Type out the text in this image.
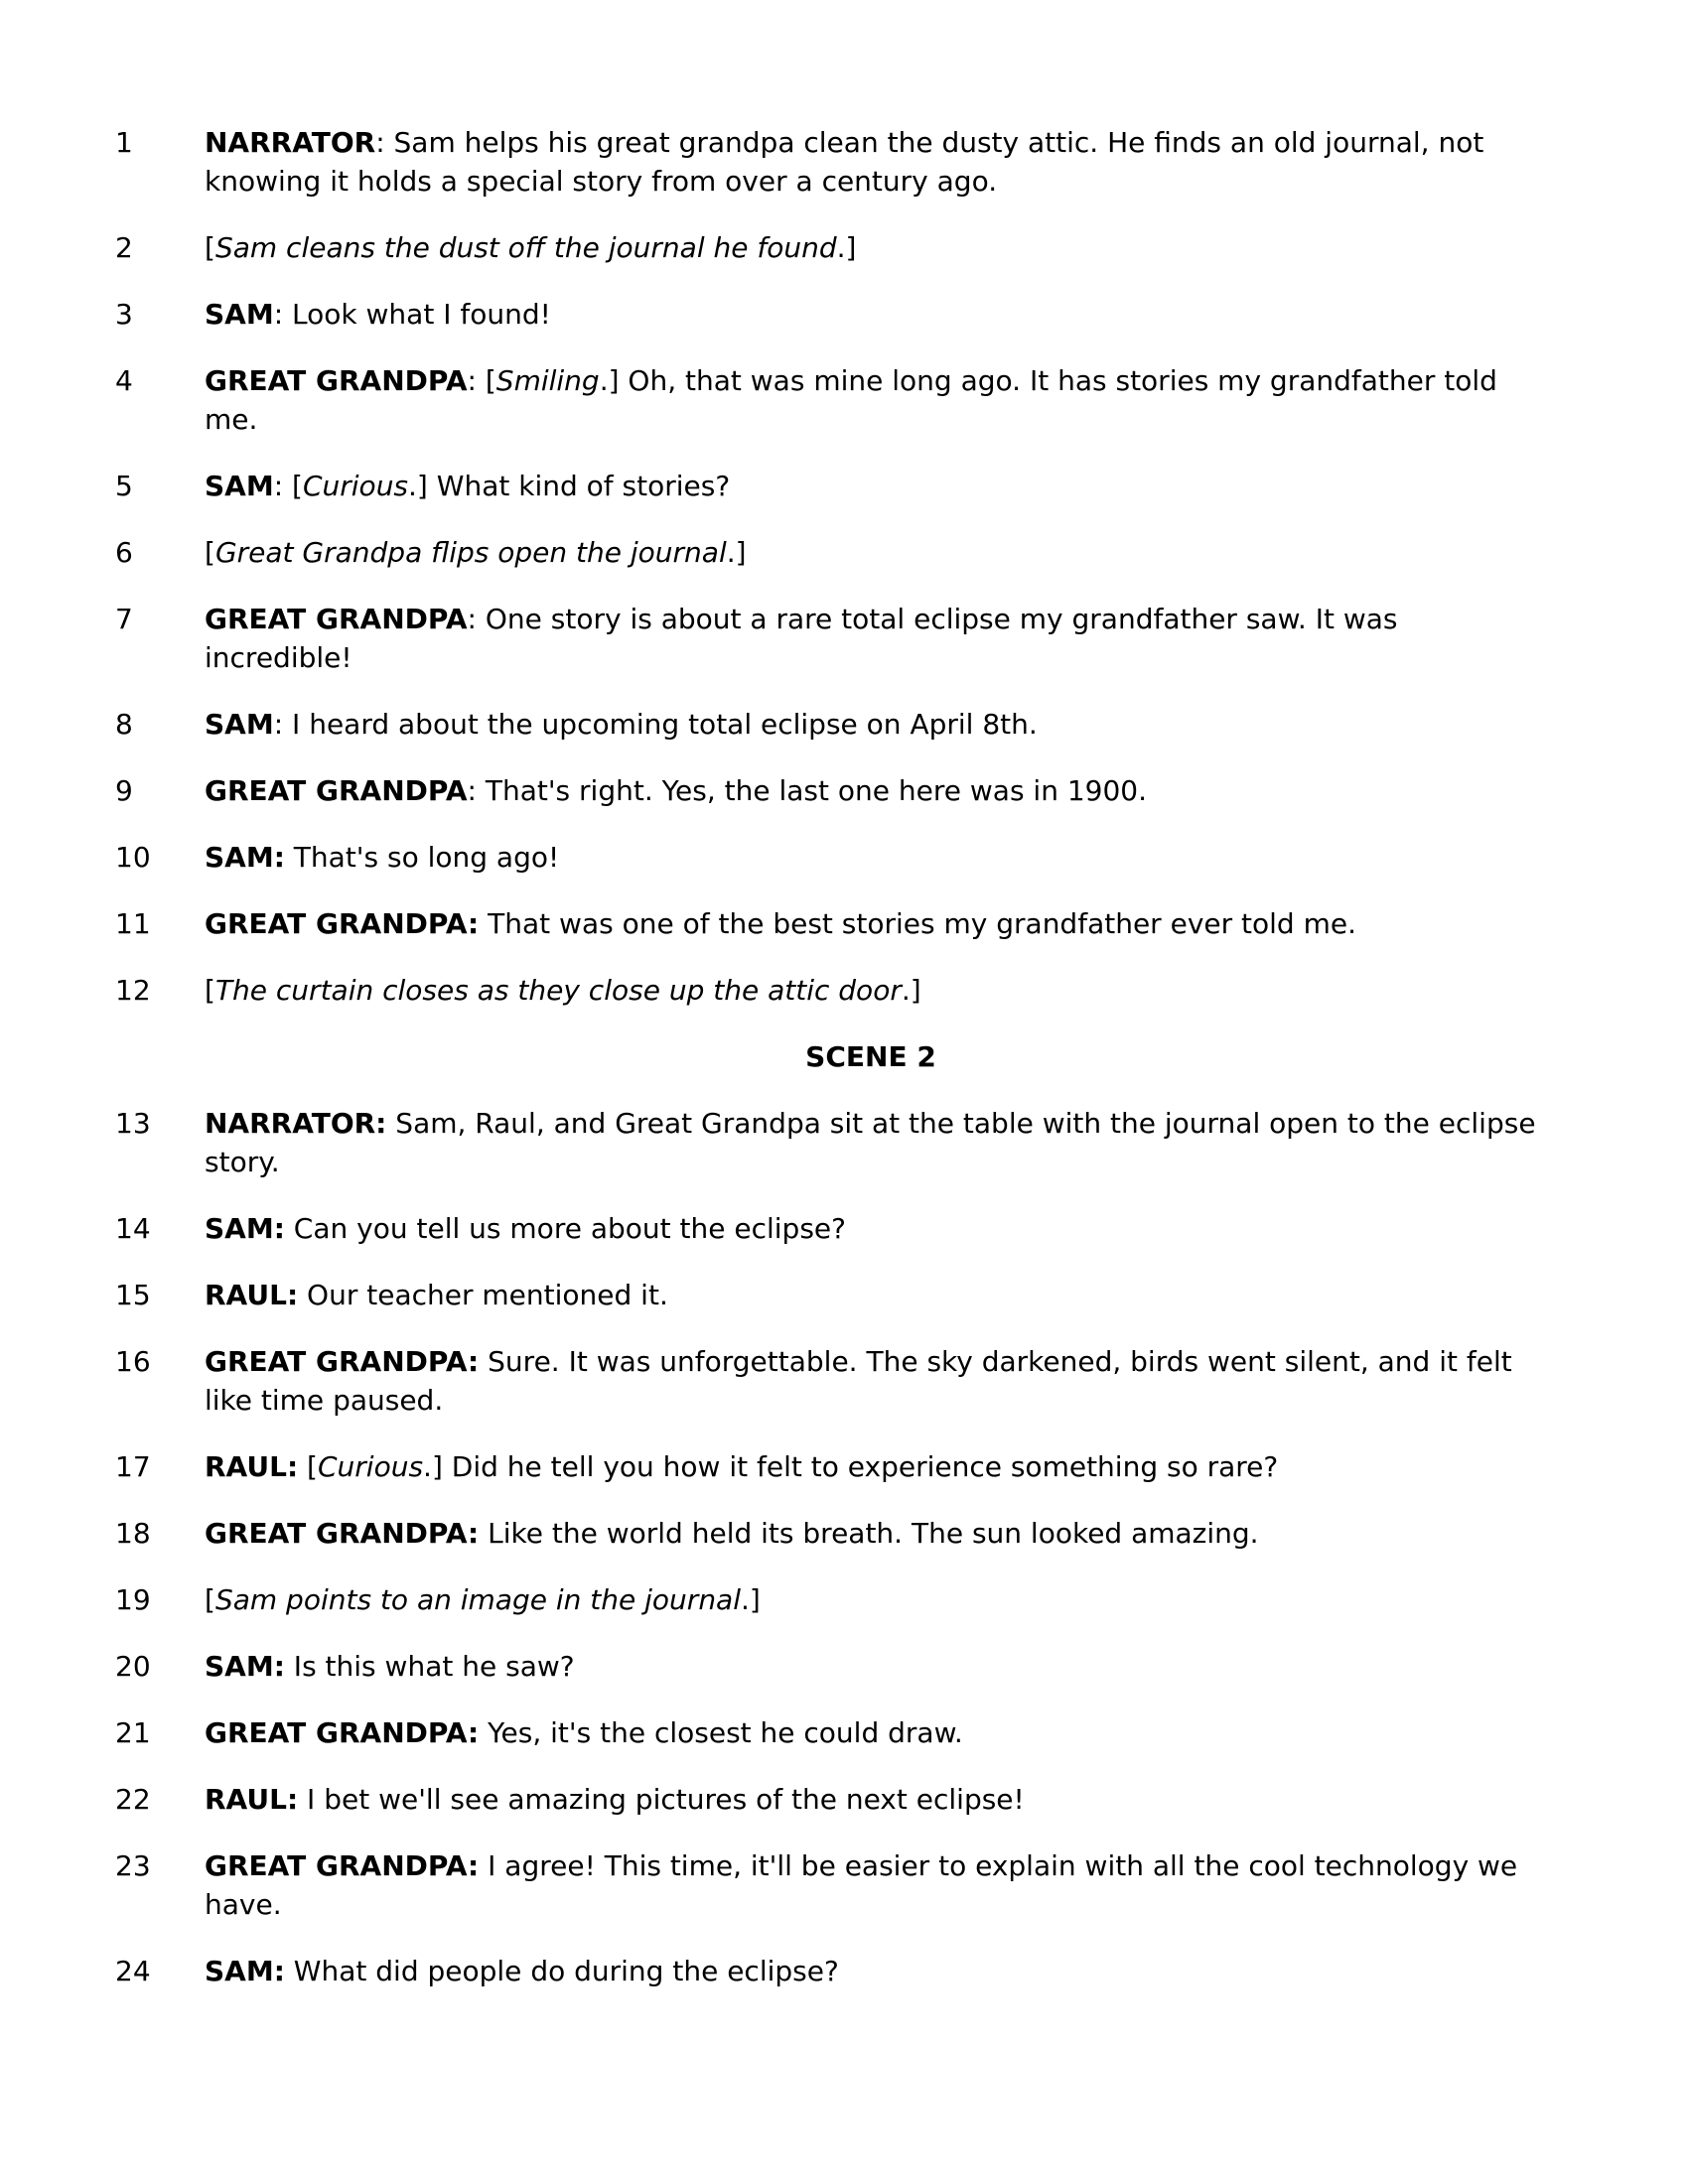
1	NARRATOR: Sam helps his great grandpa clean the dusty attic. He finds an old journal, not knowing it holds a special story from over a century ago.
2	[Sam cleans the dust off the journal he found.]
3	SAM: Look what I found!
4	GREAT GRANDPA: [Smiling.] Oh, that was mine long ago. It has stories my grandfather told me.
5	SAM: [Curious.] What kind of stories?
6	[Great Grandpa flips open the journal.]
7	GREAT GRANDPA: One story is about a rare total eclipse my grandfather saw. It was incredible!
8	SAM: I heard about the upcoming total eclipse on April 8th.
9	GREAT GRANDPA: That's right. Yes, the last one here was in 1900.
10	SAM: That's so long ago!
11	GREAT GRANDPA: That was one of the best stories my grandfather ever told me.
12	[The curtain closes as they close up the attic door.]
SCENE 2
13	NARRATOR: Sam, Raul, and Great Grandpa sit at the table with the journal open to the eclipse story.
14	SAM: Can you tell us more about the eclipse?
15	RAUL: Our teacher mentioned it.
16	GREAT GRANDPA: Sure. It was unforgettable. The sky darkened, birds went silent, and it felt like time paused.
17	RAUL: [Curious.] Did he tell you how it felt to experience something so rare?
18	GREAT GRANDPA: Like the world held its breath. The sun looked amazing.
19	[Sam points to an image in the journal.]
20	SAM: Is this what he saw?
21	GREAT GRANDPA: Yes, it's the closest he could draw.
22	RAUL: I bet we'll see amazing pictures of the next eclipse!
23	GREAT GRANDPA: I agree! This time, it'll be easier to explain with all the cool technology we have.
24	SAM: What did people do during the eclipse?
